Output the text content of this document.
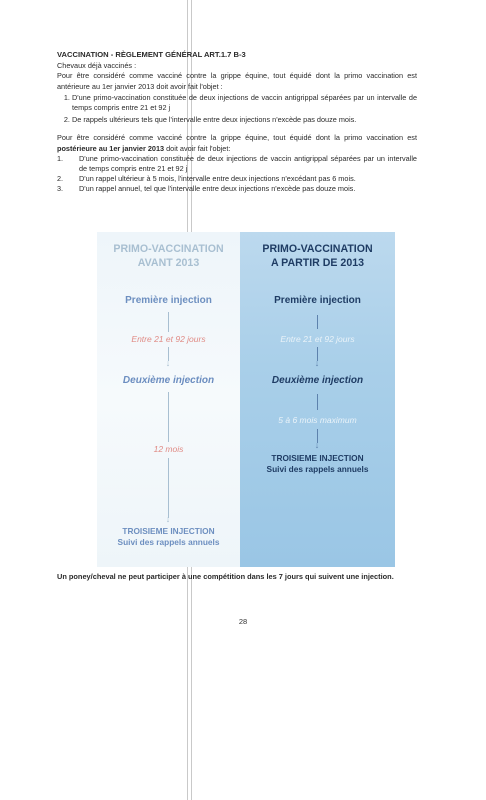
VACCINATION - RÈGLEMENT GÉNÉRAL ART.1.7 B-3

Chevaux déjà vaccinés :

Pour être considéré comme vacciné contre la grippe équine, tout équidé dont la primo vaccination est antérieure au 1er janvier 2013 doit avoir fait l'objet :

1. D'une primo-vaccination constituée de deux injections de vaccin antigrippal séparées par un intervalle de temps compris entre 21 et 92 j
2. De rappels ultérieurs tels que l'intervalle entre deux injections n'excède pas douze mois.

Pour être considéré comme vacciné contre la grippe équine, tout équidé dont la primo vaccination est postérieure au 1er janvier 2013 doit avoir fait l'objet:

1.	D'une primo-vaccination constituée de deux injections de vaccin antigrippal séparées par un intervalle de temps compris entre 21 et 92 j
2.	D'un rappel ultérieur à 5 mois, l'intervalle entre deux injections n'excédant pas 6 mois.
3.	D'un rappel annuel, tel que l'intervalle entre deux injections n'excède pas douze mois.
PRIMO-VACCINATION
AVANT 2013
Première injection
Entre 21 et 92 jours
↓
Deuxième injection
12 mois
↓
TROISIEME INJECTION
Suivi des rappels annuels
PRIMO-VACCINATION
A PARTIR DE 2013
Première injection
Entre 21 et 92 jours
↓
Deuxième injection
5 à 6 mois maximum
↓
TROISIEME INJECTION
Suivi des rappels annuels
Un poney/cheval ne peut participer à une compétition dans les 7 jours qui suivent une injection.
28
